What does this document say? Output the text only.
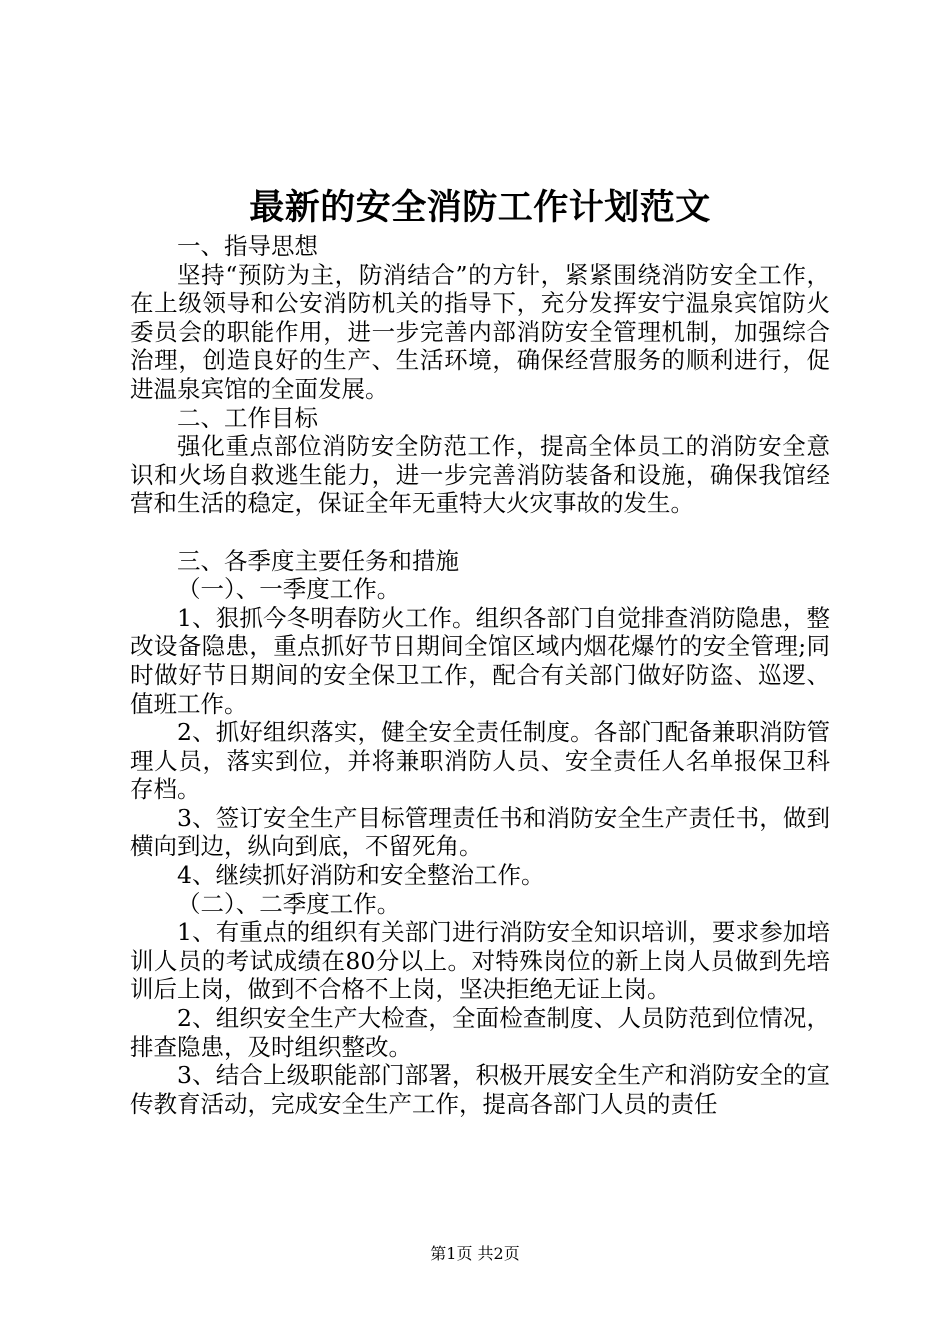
最新的安全消防工作计划范文

一、指导思想

坚持“预防为主，防消结合”的方针，紧紧围绕消防安全工作，在上级领导和公安消防机关的指导下，充分发挥安宁温泉宾馆防火委员会的职能作用，进一步完善内部消防安全管理机制，加强综合治理，创造良好的生产、生活环境，确保经营服务的顺利进行，促进温泉宾馆的全面发展。

二、工作目标

强化重点部位消防安全防范工作，提高全体员工的消防安全意识和火场自救逃生能力，进一步完善消防装备和设施，确保我馆经营和生活的稳定，保证全年无重特大火灾事故的发生。

三、各季度主要任务和措施

（一）、一季度工作。

1、狠抓今冬明春防火工作。组织各部门自觉排查消防隐患，整改设备隐患，重点抓好节日期间全馆区域内烟花爆竹的安全管理;同时做好节日期间的安全保卫工作，配合有关部门做好防盗、巡逻、值班工作。

2、抓好组织落实，健全安全责任制度。各部门配备兼职消防管理人员，落实到位，并将兼职消防人员、安全责任人名单报保卫科存档。

3、签订安全生产目标管理责任书和消防安全生产责任书，做到横向到边，纵向到底，不留死角。

4、继续抓好消防和安全整治工作。

（二）、二季度工作。

1、有重点的组织有关部门进行消防安全知识培训，要求参加培训人员的考试成绩在80分以上。对特殊岗位的新上岗人员做到先培训后上岗，做到不合格不上岗，坚决拒绝无证上岗。

2、组织安全生产大检查，全面检查制度、人员防范到位情况，排查隐患，及时组织整改。

3、结合上级职能部门部署，积极开展安全生产和消防安全的宣传教育活动，完成安全生产工作，提高各部门人员的责任

第1页 共2页
